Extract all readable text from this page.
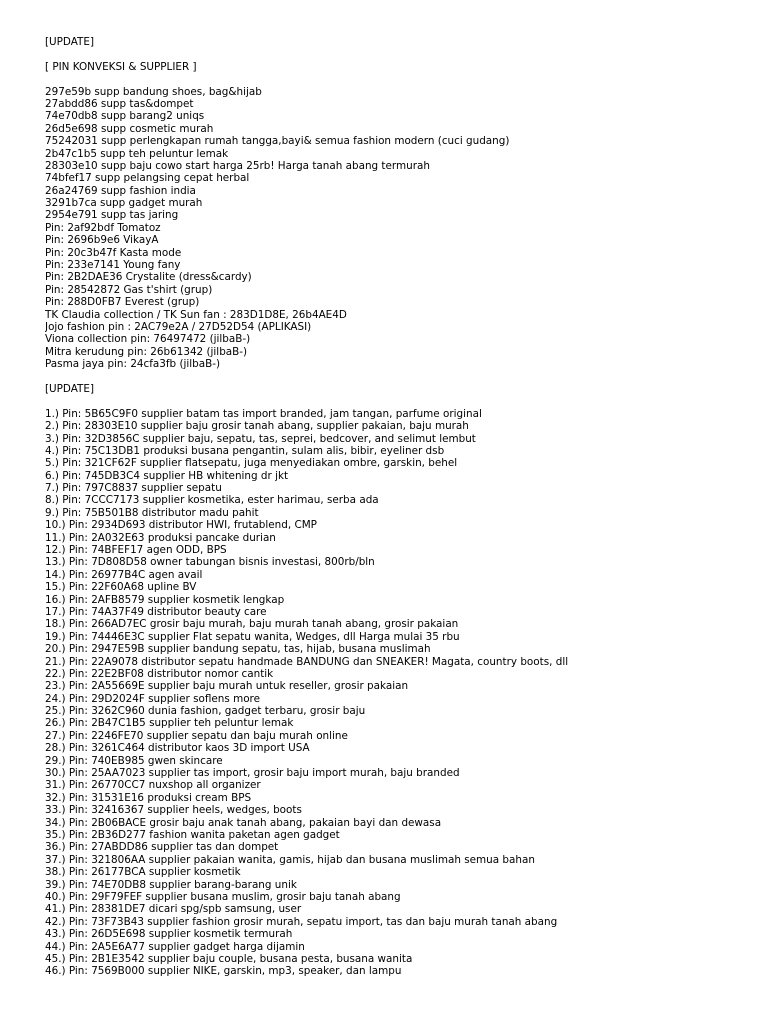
[UPDATE]
[ PIN KONVEKSI & SUPPLIER ]
297e59b supp bandung shoes, bag&hijab
27abdd86 supp tas&dompet
74e70db8 supp barang2 uniqs
26d5e698 supp cosmetic murah
75242031 supp perlengkapan rumah tangga,bayi& semua fashion modern (cuci gudang)
2b47c1b5 supp teh peluntur lemak
28303e10 supp baju cowo start harga 25rb! Harga tanah abang termurah
74bfef17 supp pelangsing cepat herbal
26a24769 supp fashion india
3291b7ca supp gadget murah
2954e791 supp tas jaring
Pin: 2af92bdf Tomatoz
Pin: 2696b9e6 VikayA
Pin: 20c3b47f Kasta mode
Pin: 233e7141 Young fany
Pin: 2B2DAE36 Crystalite (dress&cardy)
Pin: 28542872 Gas t'shirt (grup)
Pin: 288D0FB7 Everest (grup)
TK Claudia collection / TK Sun fan : 283D1D8E, 26b4AE4D
Jojo fashion pin : 2AC79e2A / 27D52D54 (APLIKASI)
Viona collection pin: 76497472 (jilbaB-)
Mitra kerudung pin: 26b61342 (jilbaB-)
Pasma jaya pin: 24cfa3fb (jilbaB-)
[UPDATE]
1.) Pin: 5B65C9F0 supplier batam tas import branded, jam tangan, parfume original
2.) Pin: 28303E10 supplier baju grosir tanah abang, supplier pakaian, baju murah
3.) Pin: 32D3856C supplier baju, sepatu, tas, seprei, bedcover, and selimut lembut
4.) Pin: 75C13DB1 produksi busana pengantin, sulam alis, bibir, eyeliner dsb
5.) Pin: 321CF62F supplier flatsepatu, juga menyediakan ombre, garskin, behel
6.) Pin: 745DB3C4 supplier HB whitening dr jkt
7.) Pin: 797C8837 supplier sepatu
8.) Pin: 7CCC7173 supplier kosmetika, ester harimau, serba ada
9.) Pin: 75B501B8 distributor madu pahit
10.) Pin: 2934D693 distributor HWI, frutablend, CMP
11.) Pin: 2A032E63 produksi pancake durian
12.) Pin: 74BFEF17 agen ODD, BPS
13.) Pin: 7D808D58 owner tabungan bisnis investasi, 800rb/bln
14.) Pin: 26977B4C agen avail
15.) Pin: 22F60A68 upline BV
16.) Pin: 2AFB8579 supplier kosmetik lengkap
17.) Pin: 74A37F49 distributor beauty care
18.) Pin: 266AD7EC grosir baju murah, baju murah tanah abang, grosir pakaian
19.) Pin: 74446E3C supplier Flat sepatu wanita, Wedges, dll Harga mulai 35 rbu
20.) Pin: 2947E59B supplier bandung sepatu, tas, hijab, busana muslimah
21.) Pin: 22A9078 distributor sepatu handmade BANDUNG dan SNEAKER! Magata, country boots, dll
22.) Pin: 22E2BF08 distributor nomor cantik
23.) Pin: 2A55669E supplier baju murah untuk reseller, grosir pakaian
24.) Pin: 29D2024F supplier soflens more
25.) Pin: 3262C960 dunia fashion, gadget terbaru, grosir baju
26.) Pin: 2B47C1B5 supplier teh peluntur lemak
27.) Pin: 2246FE70 supplier sepatu dan baju murah online
28.) Pin: 3261C464 distributor kaos 3D import USA
29.) Pin: 740EB985 gwen skincare
30.) Pin: 25AA7023 supplier tas import, grosir baju import murah, baju branded
31.) Pin: 26770CC7 nuxshop all organizer
32.) Pin: 31531E16 produksi cream BPS
33.) Pin: 32416367 supplier heels, wedges, boots
34.) Pin: 2B06BACE grosir baju anak tanah abang, pakaian bayi dan dewasa
35.) Pin: 2B36D277 fashion wanita paketan agen gadget
36.) Pin: 27ABDD86 supplier tas dan dompet
37.) Pin: 321806AA supplier pakaian wanita, gamis, hijab dan busana muslimah semua bahan
38.) Pin: 26177BCA supplier kosmetik
39.) Pin: 74E70DB8 supplier barang-barang unik
40.) Pin: 29F79FEF supplier busana muslim, grosir baju tanah abang
41.) Pin: 28381DE7 dicari spg/spb samsung, user
42.) Pin: 73F73B43 supplier fashion grosir murah, sepatu import, tas dan baju murah tanah abang
43.) Pin: 26D5E698 supplier kosmetik termurah
44.) Pin: 2A5E6A77 supplier gadget harga dijamin
45.) Pin: 2B1E3542 supplier baju couple, busana pesta, busana wanita
46.) Pin: 7569B000 supplier NIKE, garskin, mp3, speaker, dan lampu
